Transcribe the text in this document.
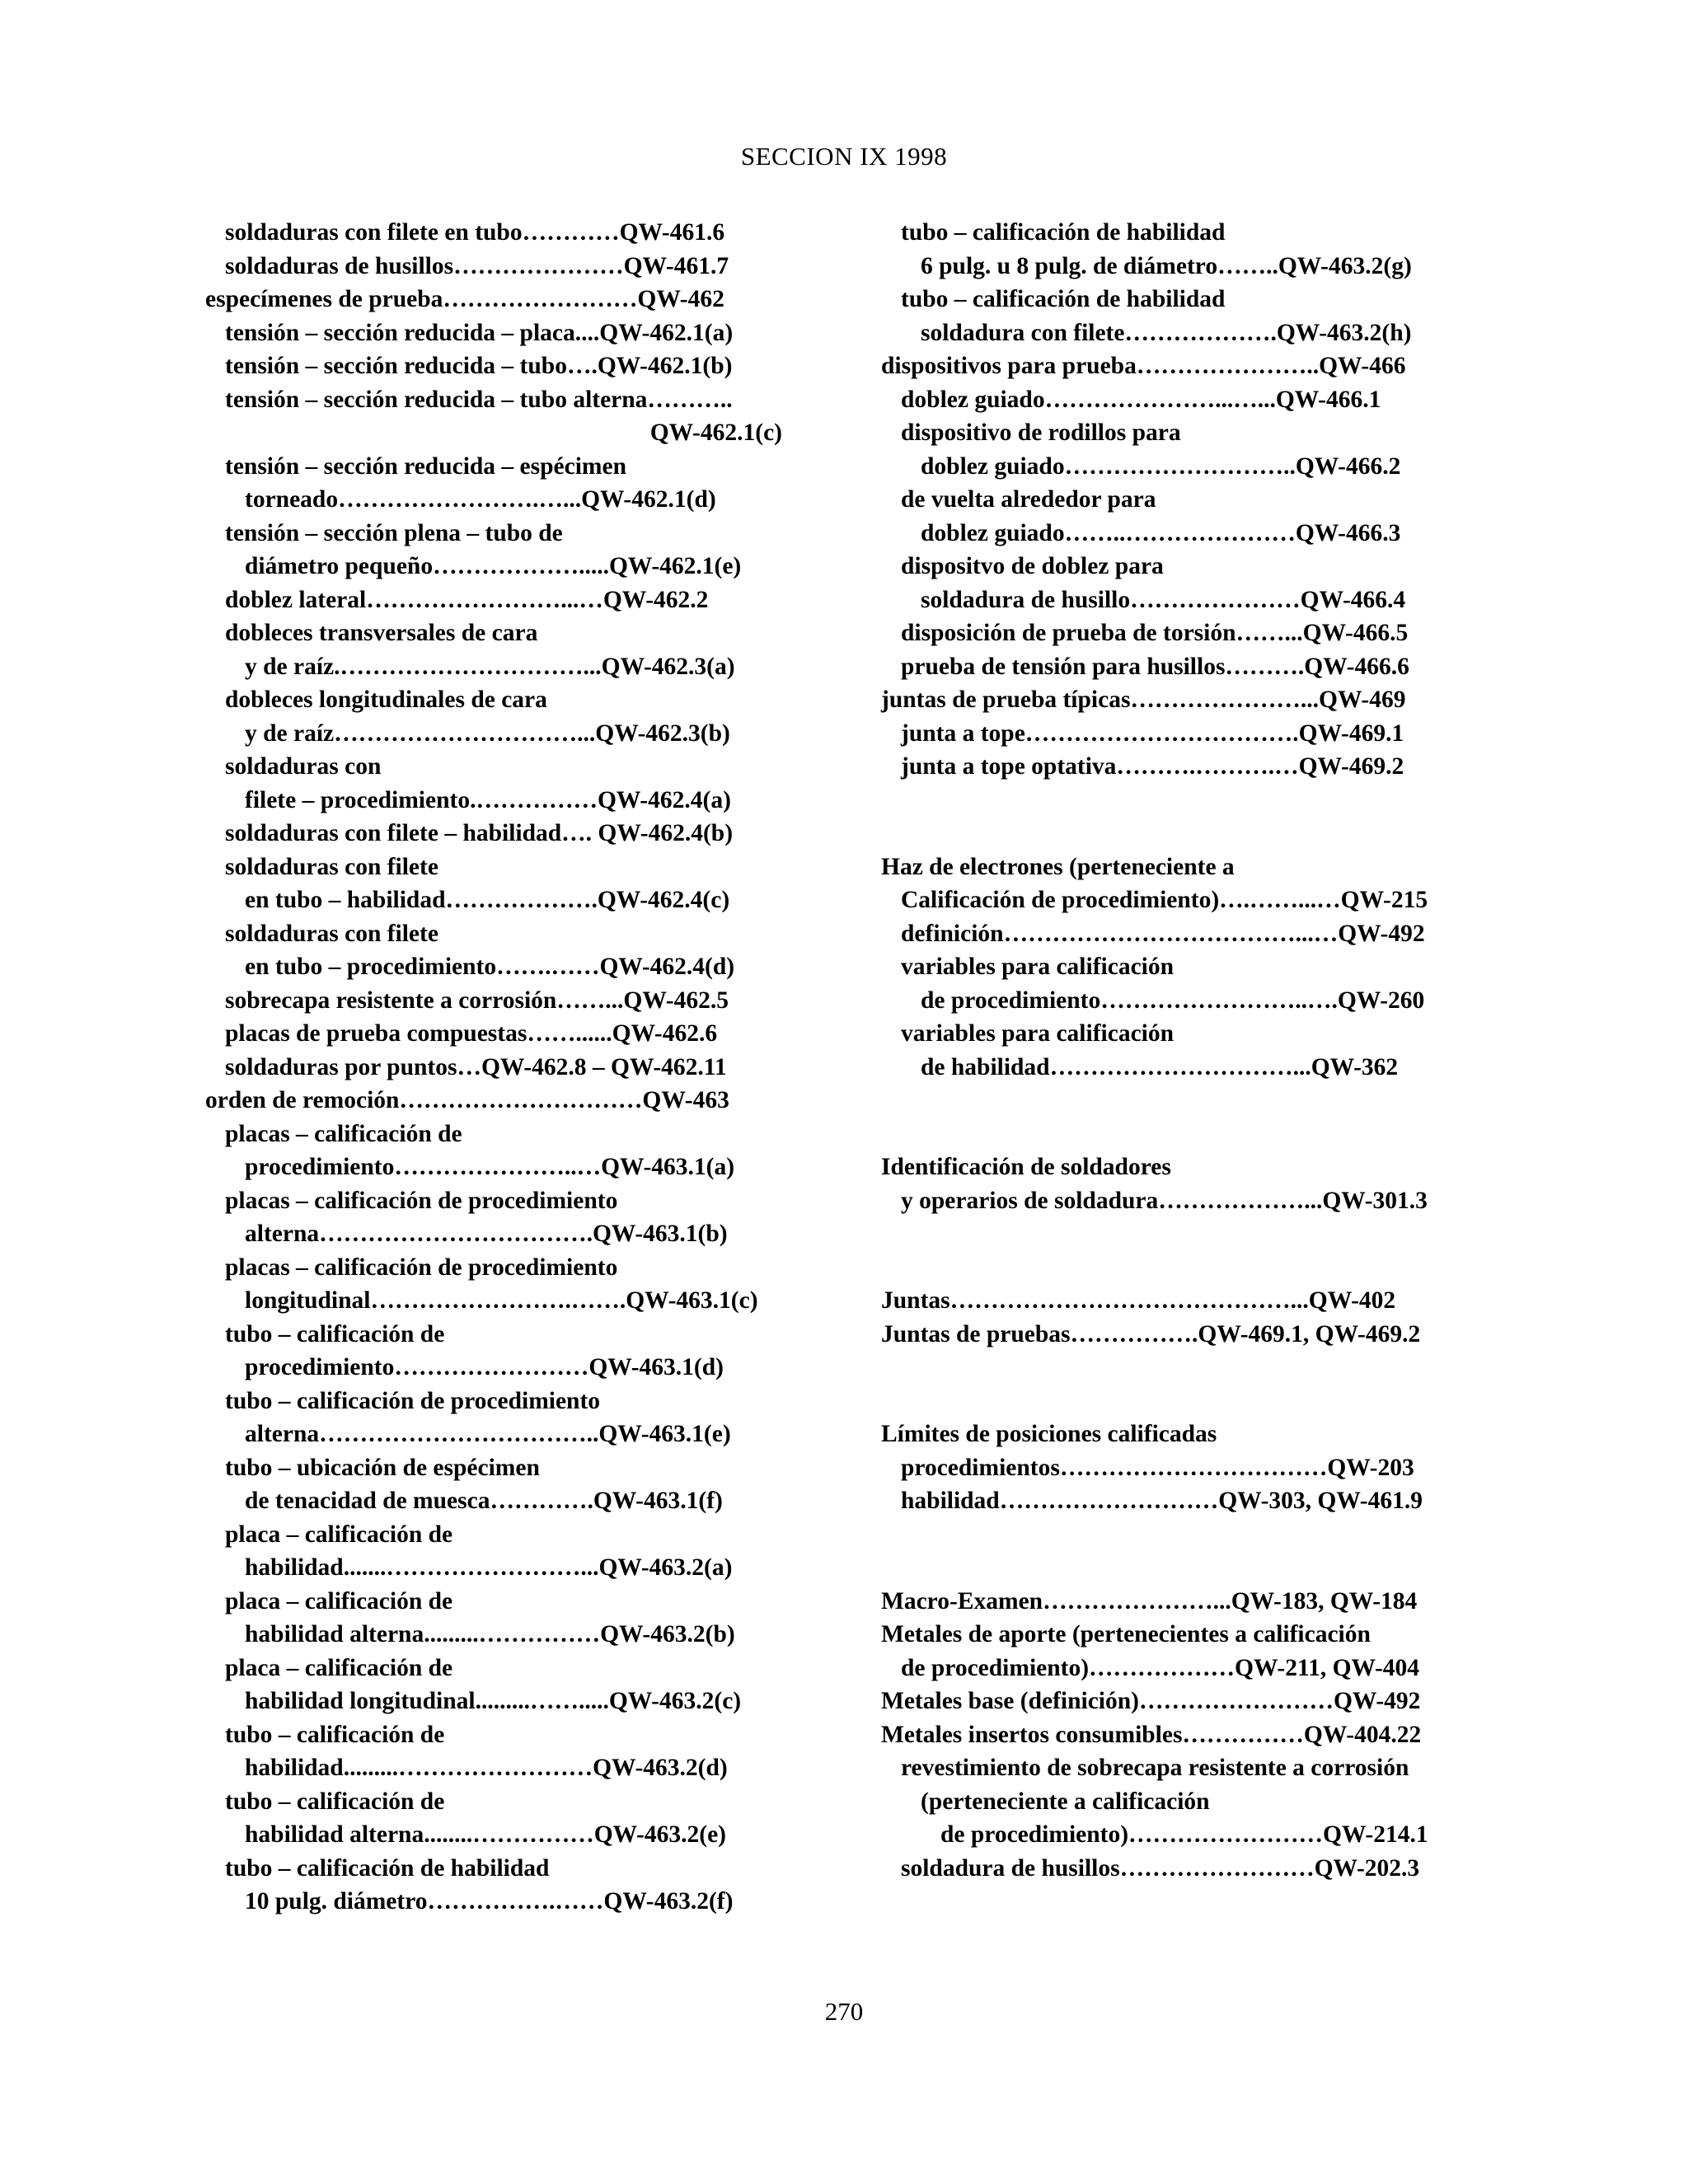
SECCION IX 1998
soldaduras con filete en tubo…………QW-461.6
soldaduras de husillos…………………QW-461.7
especímenes de prueba……………………QW-462
tensión – sección reducida – placa....QW-462.1(a)
tensión – sección reducida – tubo….QW-462.1(b)
tensión – sección reducida – tubo alterna………..
QW-462.1(c)
tensión – sección reducida – espécimen
torneado…………………….…...QW-462.1(d)
tensión – sección plena – tubo de
diámetro pequeño……………….....QW-462.1(e)
doblez lateral……………………...…QW-462.2
dobleces transversales de cara
y de raíz.…………………………...QW-462.3(a)
dobleces longitudinales de cara
y de raíz…………………………...QW-462.3(b)
soldaduras con
filete – procedimiento.……………QW-462.4(a)
soldaduras con filete – habilidad…. QW-462.4(b)
soldaduras con filete
en tubo – habilidad……………….QW-462.4(c)
soldaduras con filete
en tubo – procedimiento…….……QW-462.4(d)
sobrecapa resistente a corrosión……...QW-462.5
placas de prueba compuestas……......QW-462.6
soldaduras por puntos…QW-462.8 – QW-462.11
orden de remoción…………………………QW-463
placas – calificación de
procedimiento…………………..…QW-463.1(a)
placas – calificación de procedimiento
alterna…………………………….QW-463.1(b)
placas – calificación de procedimiento
longitudinal…………………….…….QW-463.1(c)
tubo – calificación de
procedimiento……………………QW-463.1(d)
tubo – calificación de procedimiento
alterna……………………………..QW-463.1(e)
tubo – ubicación de espécimen
de tenacidad de muesca………….QW-463.1(f)
placa – calificación de
habilidad.......……………………...QW-463.2(a)
placa – calificación de
habilidad alterna.........……………QW-463.2(b)
placa – calificación de
habilidad longitudinal.........…….....QW-463.2(c)
tubo – calificación de
habilidad.........……………………QW-463.2(d)
tubo – calificación de
habilidad alterna........……………QW-463.2(e)
tubo – calificación de habilidad
10 pulg. diámetro…………….……QW-463.2(f)
tubo – calificación de habilidad
6 pulg. u 8 pulg. de diámetro……..QW-463.2(g)
tubo – calificación de habilidad
soldadura con filete……………….QW-463.2(h)
dispositivos para prueba…………………..QW-466
doblez guiado…………………...…...QW-466.1
dispositivo de rodillos para
doblez guiado………………………..QW-466.2
de vuelta alrededor para
doblez guiado……..…………………QW-466.3
dispositvo de doblez para
soldadura de husillo…………………QW-466.4
disposición de prueba de torsión……...QW-466.5
prueba de tensión para husillos……….QW-466.6
juntas de prueba típicas…………………...QW-469
junta a tope…………………………….QW-469.1
junta a tope optativa……….……….…QW-469.2
Haz de electrones (perteneciente a
Calificación de procedimiento)….……...…QW-215
definición………………………………...…QW-492
variables para calificación
de procedimiento……………………..….QW-260
variables para calificación
de habilidad…………………………...QW-362
Identificación de soldadores
y operarios de soldadura………………...QW-301.3
Juntas……………………………………...QW-402
Juntas de pruebas…………….QW-469.1, QW-469.2
Límites de posiciones calificadas
procedimientos……………………………QW-203
habilidad………………………QW-303, QW-461.9
Macro-Examen…………………...QW-183, QW-184
Metales de aporte (pertenecientes a calificación
de procedimiento)………………QW-211, QW-404
Metales base (definición)……………………QW-492
Metales insertos consumibles……………QW-404.22
revestimiento de sobrecapa resistente a corrosión
(perteneciente a calificación
de procedimiento)……………………QW-214.1
soldadura de husillos……………………QW-202.3
270
